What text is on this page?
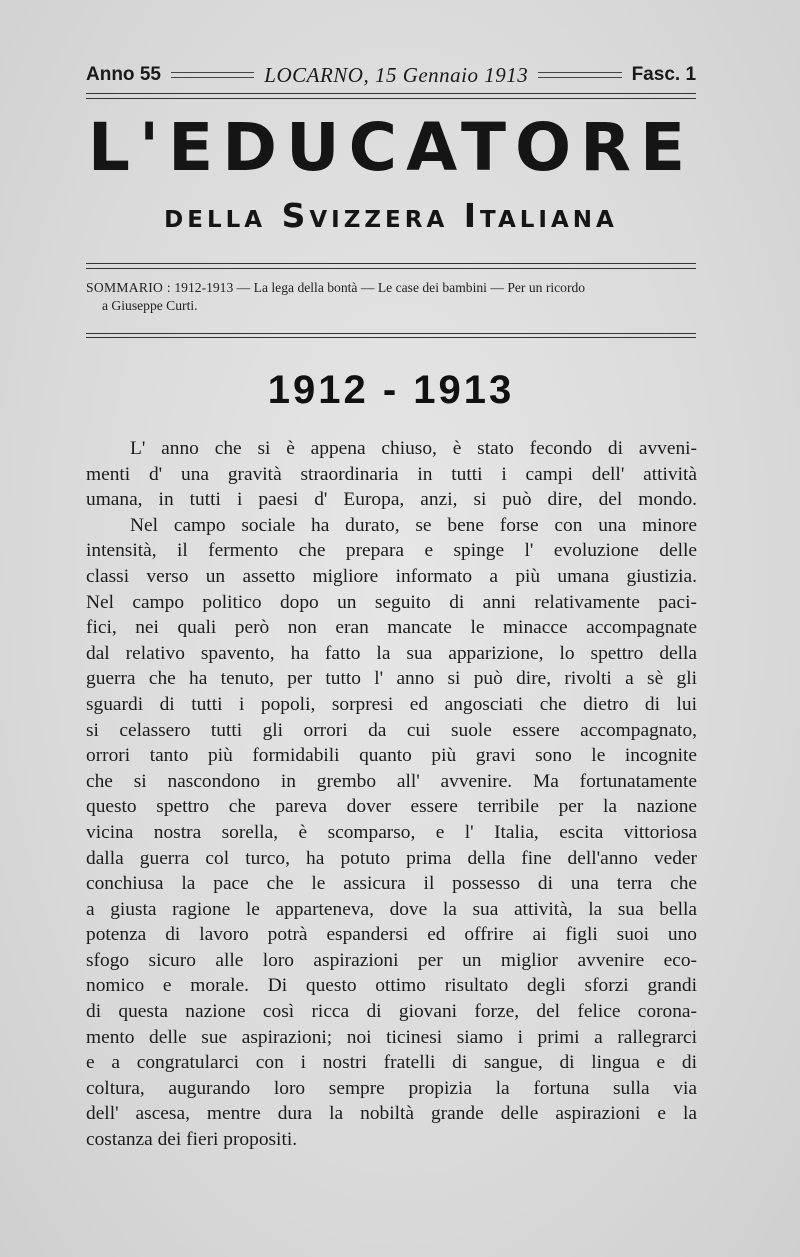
Anno 55	LOCARNO, 15 Gennaio 1913	Fasc. 1
L'EDUCATORE
della Svizzera Italiana
SOMMARIO : 1912-1913 — La lega della bontà — Le case dei bambini — Per un ricordo
a Giuseppe Curti.
1912 - 1913
L' anno che si è appena chiuso, è stato fecondo di avveni-
menti d' una gravità straordinaria in tutti i campi dell' attività
umana, in tutti i paesi d' Europa, anzi, si può dire, del mondo.
Nel campo sociale ha durato, se bene forse con una minore
intensità, il fermento che prepara e spinge l' evoluzione delle
classi verso un assetto migliore informato a più umana giustizia.
Nel campo politico dopo un seguito di anni relativamente paci-
fici, nei quali però non eran mancate le minacce accompagnate
dal relativo spavento, ha fatto la sua apparizione, lo spettro della
guerra che ha tenuto, per tutto l' anno si può dire, rivolti a sè gli
sguardi di tutti i popoli, sorpresi ed angosciati che dietro di lui
si celassero tutti gli orrori da cui suole essere accompagnato,
orrori tanto più formidabili quanto più gravi sono le incognite
che si nascondono in grembo all' avvenire. Ma fortunatamente
questo spettro che pareva dover essere terribile per la nazione
vicina nostra sorella, è scomparso, e l' Italia, escita vittoriosa
dalla guerra col turco, ha potuto prima della fine dell'anno veder
conchiusa la pace che le assicura il possesso di una terra che
a giusta ragione le apparteneva, dove la sua attività, la sua bella
potenza di lavoro potrà espandersi ed offrire ai figli suoi uno
sfogo sicuro alle loro aspirazioni per un miglior avvenire eco-
nomico e morale. Di questo ottimo risultato degli sforzi grandi
di questa nazione così ricca di giovani forze, del felice corona-
mento delle sue aspirazioni; noi ticinesi siamo i primi a rallegrarci
e a congratularci con i nostri fratelli di sangue, di lingua e di
coltura, augurando loro sempre propizia la fortuna sulla via
dell' ascesa, mentre dura la nobiltà grande delle aspirazioni e la
costanza dei fieri propositi.
